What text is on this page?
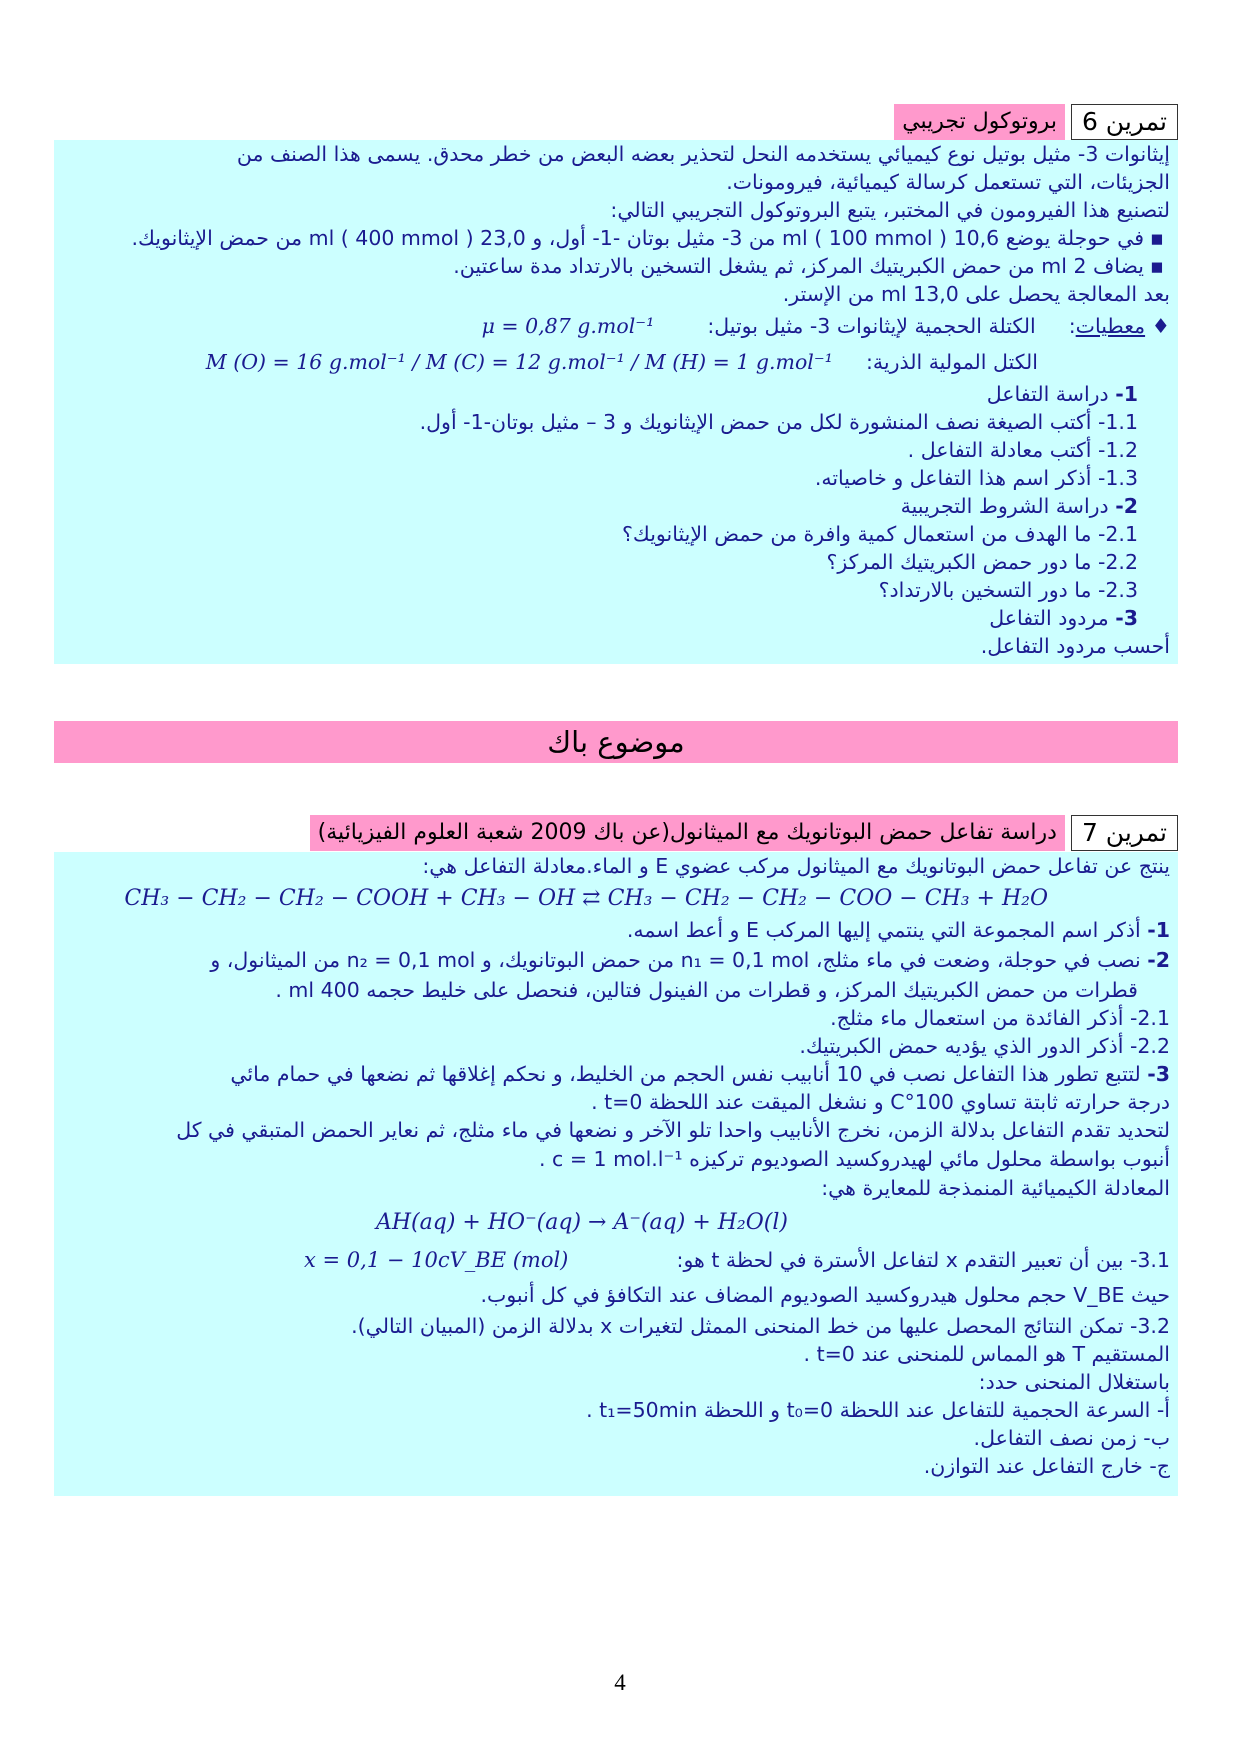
تمرين 6بروتوكول تجريبي
إيثانوات 3- مثيل بوتيل نوع كيميائي يستخدمه النحل لتحذير بعضه البعض من خطر محدق. يسمى هذا الصنف من
الجزيئات، التي تستعمل كرسالة كيميائية، فيرومونات.
لتصنيع هذا الفيرومون في المختبر، يتبع البروتوكول التجريبي التالي:
▪في حوجلة يوضع 10,6 ml ( 100 mmol ) من 3- مثيل بوتان -1- أول، و 23,0 ml ( 400 mmol ) من حمض الإيثانويك.
▪يضاف 2 ml من حمض الكبريتيك المركز، ثم يشغل التسخين بالارتداد مدة ساعتين.
بعد المعالجة يحصل على 13,0 ml من الإستر.
♦ معطيات:  الكتلة الحجمية لإيثانوات 3- مثيل بوتيل:  μ = 0,87 g.mol⁻¹
الكتل المولية الذرية:  M (O) = 16 g.mol⁻¹ / M (C) = 12 g.mol⁻¹ / M (H) = 1 g.mol⁻¹
1- دراسة التفاعل
1.1- أكتب الصيغة نصف المنشورة لكل من حمض الإيثانويك و 3 – مثيل بوتان-1- أول.
1.2- أكتب معادلة التفاعل .
1.3- أذكر اسم هذا التفاعل و خاصياته.
2- دراسة الشروط التجريبية
2.1- ما الهدف من استعمال كمية وافرة من حمض الإيثانويك؟
2.2- ما دور حمض الكبريتيك المركز؟
2.3- ما دور التسخين بالارتداد؟
3- مردود التفاعل
أحسب مردود التفاعل.
موضوع باك
تمرين 7دراسة تفاعل حمض البوتانويك مع الميثانول(عن باك 2009 شعبة العلوم الفيزيائية)
ينتج عن تفاعل حمض البوتانويك مع الميثانول مركب عضوي E و الماء.معادلة التفاعل هي:
CH₃ − CH₂ − CH₂ − COOH + CH₃ − OH ⇄ CH₃ − CH₂ − CH₂ − COO − CH₃ + H₂O
1- أذكر اسم المجموعة التي ينتمي إليها المركب E و أعط اسمه.
2- نصب في حوجلة، وضعت في ماء مثلج، n₁ = 0,1 mol من حمض البوتانويك، و n₂ = 0,1 mol من الميثانول، و
قطرات من حمض الكبريتيك المركز، و قطرات من الفينول فتالين، فنحصل على خليط حجمه 400 ml .
2.1- أذكر الفائدة من استعمال ماء مثلج.
2.2- أذكر الدور الذي يؤديه حمض الكبريتيك.
3- لتتبع تطور هذا التفاعل نصب في 10 أنابيب نفس الحجم من الخليط، و نحكم إغلاقها ثم نضعها في حمام مائي
درجة حرارته ثابتة تساوي 100°C و نشغل الميقت عند اللحظة t=0 .
لتحديد تقدم التفاعل بدلالة الزمن، نخرج الأنابيب واحدا تلو الآخر و نضعها في ماء مثلج، ثم نعاير الحمض المتبقي في كل
أنبوب بواسطة محلول مائي لهيدروكسيد الصوديوم تركيزه c = 1 mol.l⁻¹ .
المعادلة الكيميائية المنمذجة للمعايرة هي:
AH(aq) + HO⁻(aq) → A⁻(aq) + H₂O(l)
3.1- بين أن تعبير التقدم x لتفاعل الأسترة في لحظة t هو:
x = 0,1 − 10cV_BE (mol)
حيث V_BE حجم محلول هيدروكسيد الصوديوم المضاف عند التكافؤ في كل أنبوب.
3.2- تمكن النتائج المحصل عليها من خط المنحنى الممثل لتغيرات x بدلالة الزمن (المبيان التالي).
المستقيم T هو المماس للمنحنى عند t=0 .
باستغلال المنحنى حدد:
أ- السرعة الحجمية للتفاعل عند اللحظة t₀=0 و اللحظة t₁=50min .
ب- زمن نصف التفاعل.
ج- خارج التفاعل عند التوازن.
4
